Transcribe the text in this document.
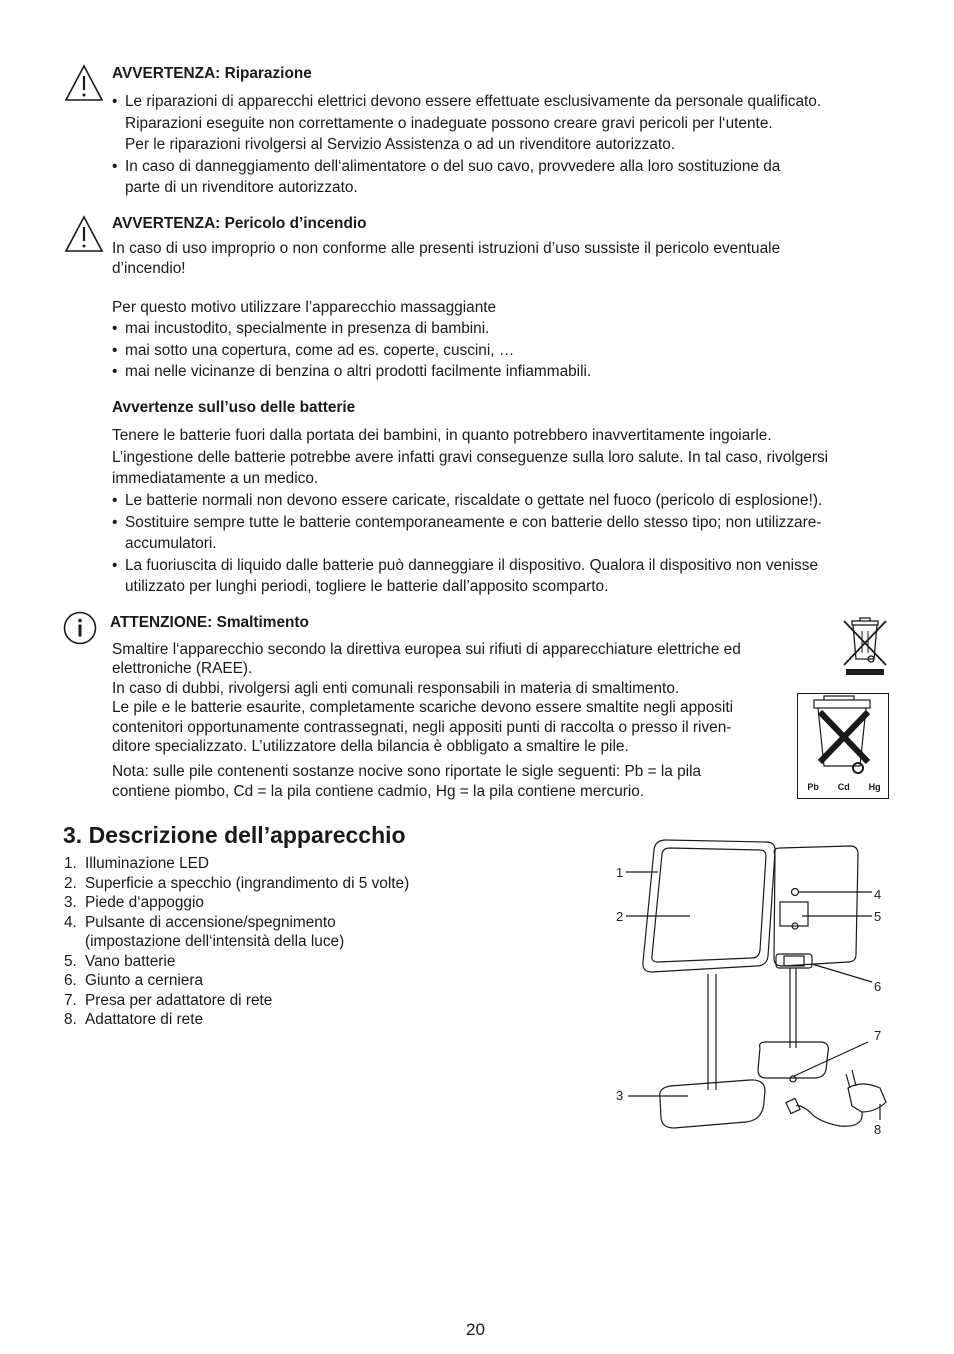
AVVERTENZA: Riparazione

• Le riparazioni di apparecchi elettrici devono essere effettuate esclusivamente da personale qualificato.
Riparazioni eseguite non correttamente o inadeguate possono creare gravi pericoli per l‘utente.
Per le riparazioni rivolgersi al Servizio Assistenza o ad un rivenditore autorizzato.
• In caso di danneggiamento dell‘alimentatore o del suo cavo, provvedere alla loro sostituzione da
parte di un rivenditore autorizzato.

AVVERTENZA: Pericolo d’incendio

In caso di uso improprio o non conforme alle presenti istruzioni d’uso sussiste il pericolo eventuale

d’incendio!

Per questo motivo utilizzare l’apparecchio massaggiante

• mai incustodito, specialmente in presenza di bambini.
• mai sotto una copertura, come ad es. coperte, cuscini, …
• mai nelle vicinanze di benzina o altri prodotti facilmente infiammabili.

Avvertenze sull’uso delle batterie

Tenere le batterie fuori dalla portata dei bambini, in quanto potrebbero inavvertitamente ingoiarle.

L’ingestione delle batterie potrebbe avere infatti gravi conseguenze sulla loro salute. In tal caso, rivolgersi

immediatamente a un medico.

• Le batterie normali non devono essere caricate, riscaldate o gettate nel fuoco (pericolo di esplosione!).
• Sostituire sempre tutte le batterie contemporaneamente e con batterie dello stesso tipo; non utilizzare-
accumulatori.
• La fuoriuscita di liquido dalle batterie può danneggiare il dispositivo. Qualora il dispositivo non venisse
utilizzato per lunghi periodi, togliere le batterie dall’apposito scomparto.

ATTENZIONE: Smaltimento

Smaltire l‘apparecchio secondo la direttiva europea sui rifiuti di apparecchiature elettriche ed

elettroniche (RAEE).

In caso di dubbi, rivolgersi agli enti comunali responsabili in materia di smaltimento.

Le pile e le batterie esaurite, completamente scariche devono essere smaltite negli appositi

contenitori opportunamente contrassegnati, negli appositi punti di raccolta o presso il riven-

ditore specializzato. L’utilizzatore della bilancia è obbligato a smaltire le pile.

Nota: sulle pile contenenti sostanze nocive sono riportate le sigle seguenti: Pb = la pila

contiene piombo, Cd = la pila contiene cadmio, Hg = la pila contiene mercurio.	Pb Cd Hg
3. Descrizione dell’apparecchio
1. Illuminazione LED
2. Superficie a specchio (ingrandimento di 5 volte)
3. Piede d‘appoggio
4. Pulsante di accensione/spegnimento
(impostazione dell‘intensità della luce)
5. Vano batterie
6. Giunto a cerniera
7. Presa per adattatore di rete
8. Adattatore di rete
1
2
3
4
5
6
7
8
20
